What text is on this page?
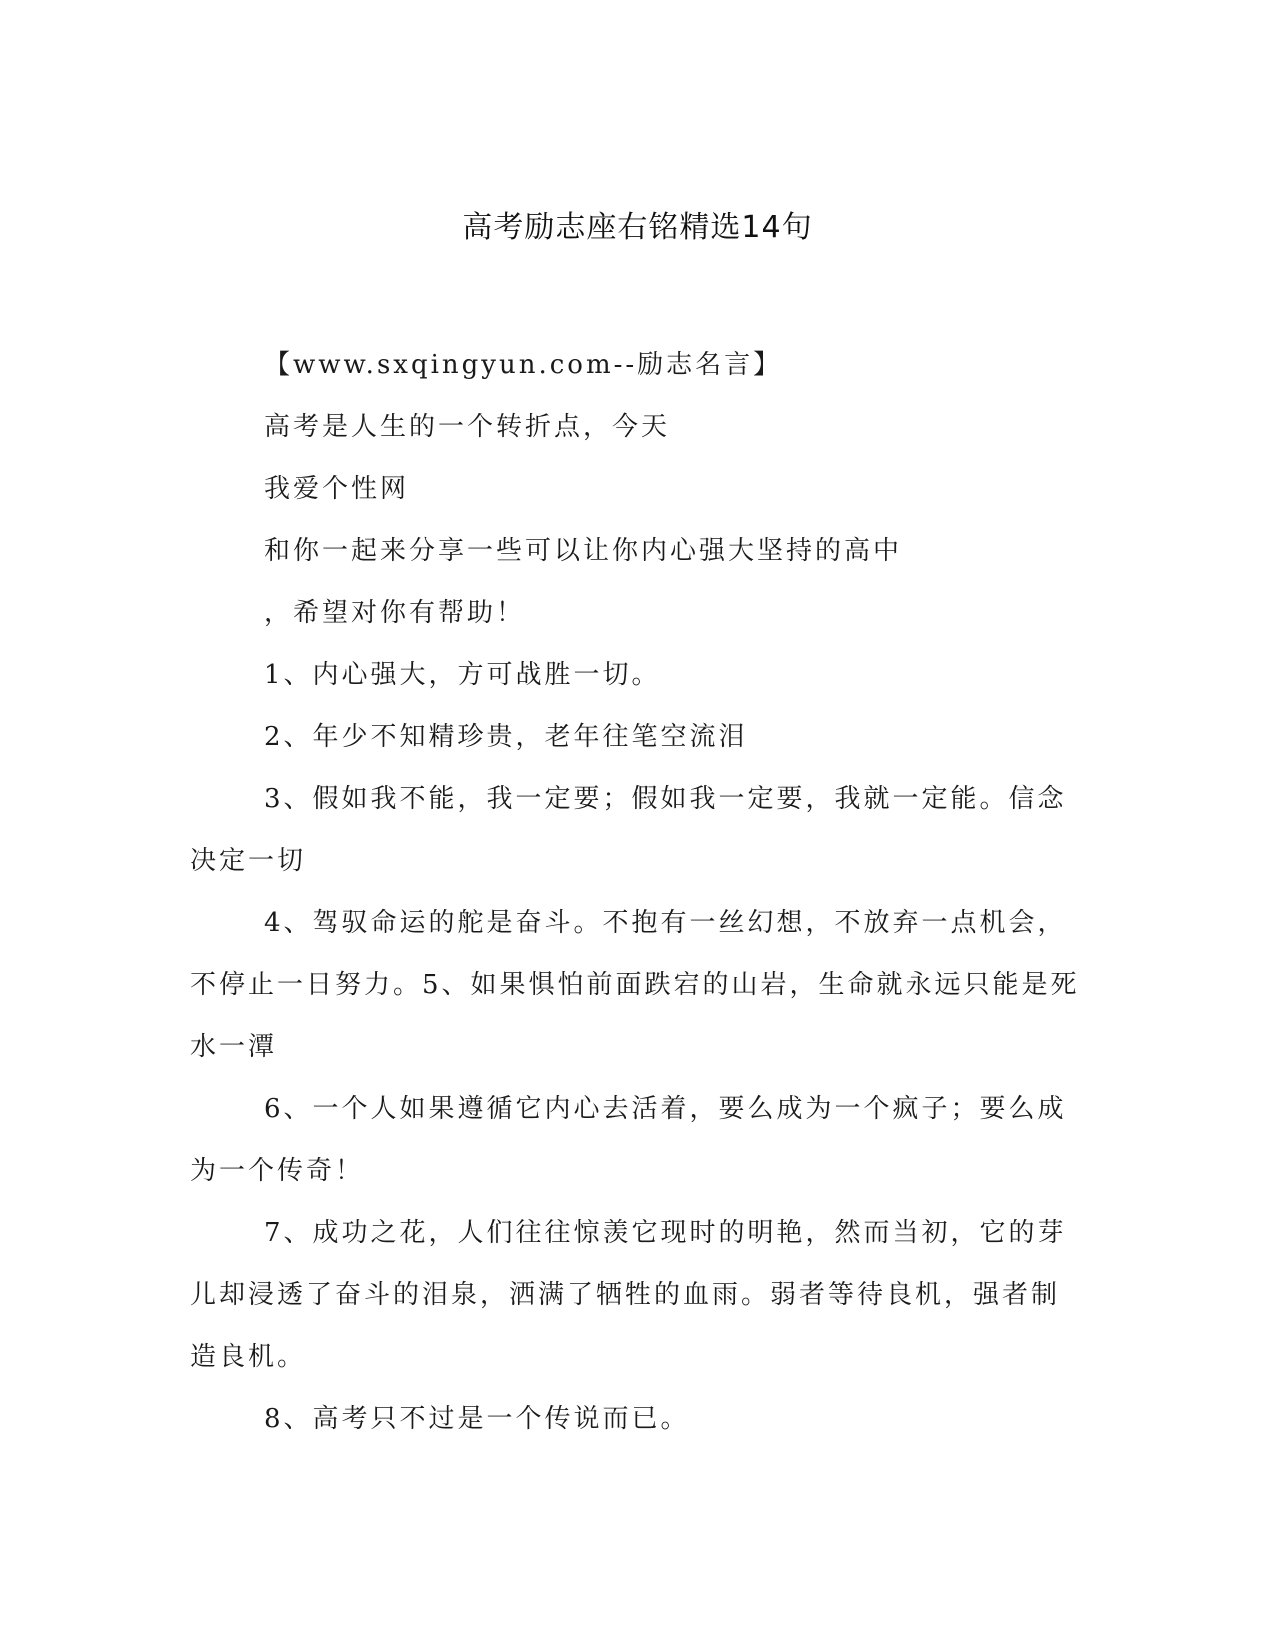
高考励志座右铭精选14句
【www.sxqingyun.com--励志名言】
高考是人生的一个转折点，今天
我爱个性网
和你一起来分享一些可以让你内心强大坚持的高中
，希望对你有帮助！
1、内心强大，方可战胜一切。
2、年少不知精珍贵，老年往笔空流泪
3、假如我不能，我一定要；假如我一定要，我就一定能。信念
决定一切
4、驾驭命运的舵是奋斗。不抱有一丝幻想，不放弃一点机会，
不停止一日努力。5、如果惧怕前面跌宕的山岩，生命就永远只能是死
水一潭
6、一个人如果遵循它内心去活着，要么成为一个疯子；要么成
为一个传奇！
7、成功之花，人们往往惊羡它现时的明艳，然而当初，它的芽
儿却浸透了奋斗的泪泉，洒满了牺牲的血雨。弱者等待良机，强者制
造良机。
8、高考只不过是一个传说而已。
